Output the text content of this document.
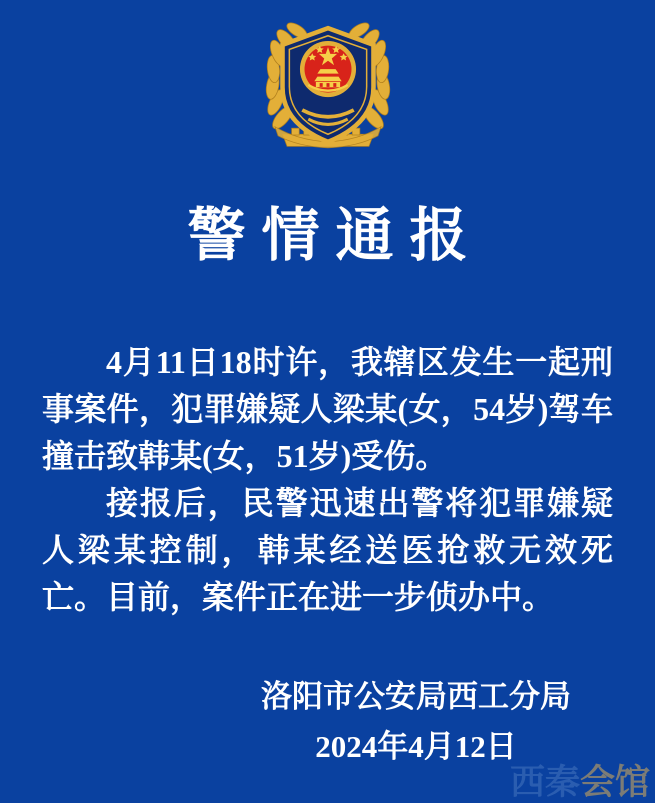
警情通报

4月11日18时许，我辖区发生一起刑事案件，犯罪嫌疑人梁某(女，54岁)驾车撞击致韩某(女，51岁)受伤。

接报后，民警迅速出警将犯罪嫌疑人梁某控制，韩某经送医抢救无效死亡。目前，案件正在进一步侦办中。

洛阳市公安局西工分局
2024年4月12日
西秦会馆
